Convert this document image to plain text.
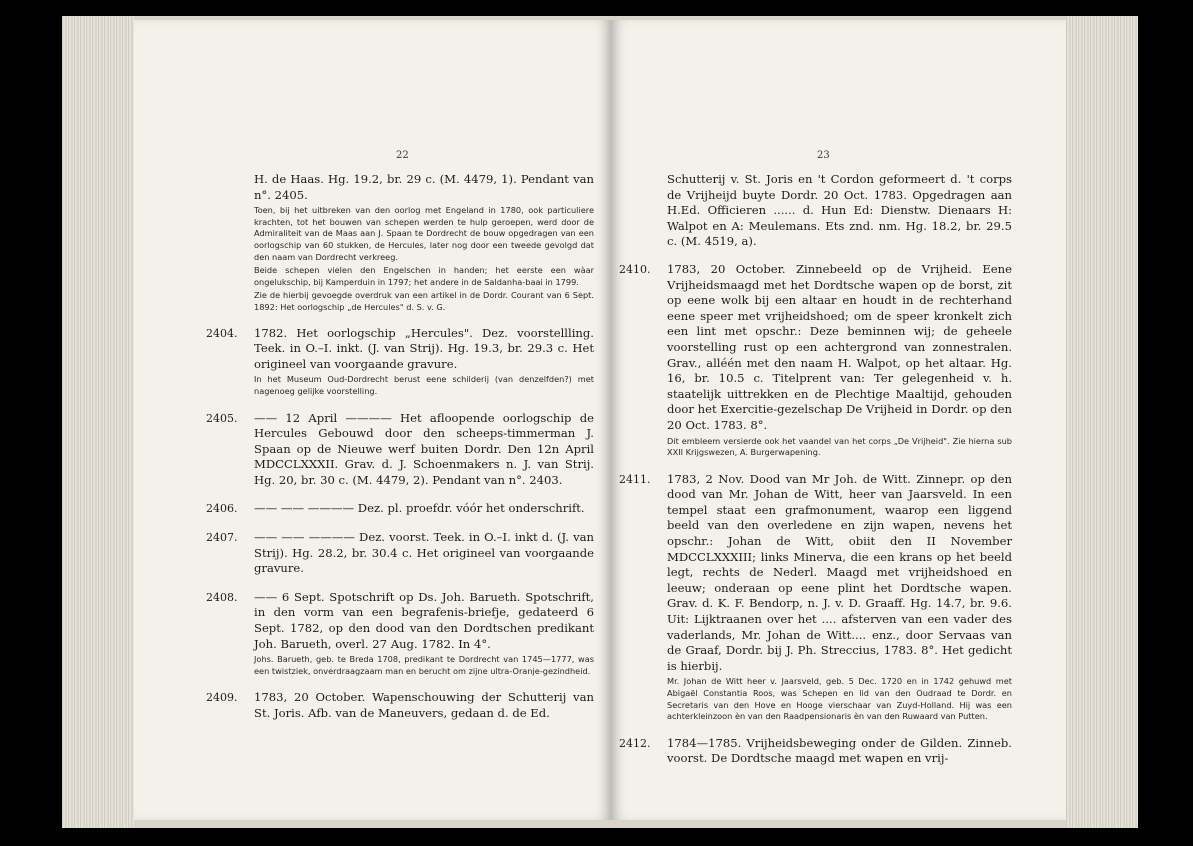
22

H. de Haas. Hg. 19.2, br. 29 c. (M. 4479, 1). Pendant van n°. 2405.

Toen, bij het uitbreken van den oorlog met Engeland in 1780, ook particuliere krachten, tot het bouwen van schepen werden te hulp geroepen, werd door de Admiraliteit van de Maas aan J. Spaan te Dordrecht de bouw opgedragen van een oorlogschip van 60 stukken, de Hercules, later nog door een tweede gevolgd dat den naam van Dordrecht verkreeg.

Beide schepen vielen den Engelschen in handen; het eerste een wàar ongelukschip, bij Kamperduin in 1797; het andere in de Saldanha-baai in 1799.

Zie de hierbij gevoegde overdruk van een artikel in de Dordr. Courant van 6 Sept. 1892: Het oorlogschip „de Hercules" d. S. v. G.

2404. 1782. Het oorlogschip „Hercules". Dez. voorstellling. Teek. in O.–I. inkt. (J. van Strij). Hg. 19.3, br. 29.3 c. Het origineel van voorgaande gravure.

In het Museum Oud-Dordrecht berust eene schilderij (van denzelfden?) met nagenoeg gelijke voorstelling.

2405. —— 12 April ———— Het afloopende oorlogschip de Hercules Gebouwd door den scheeps-timmerman J. Spaan op de Nieuwe werf buiten Dordr. Den 12n April MDCCLXXXII. Grav. d. J. Schoenmakers n. J. van Strij. Hg. 20, br. 30 c. (M. 4479, 2). Pendant van n°. 2403.

2406. —— —— ———— Dez. pl. proefdr. vóór het onderschrift.

2407. —— —— ———— Dez. voorst. Teek. in O.–I. inkt d. (J. van Strij). Hg. 28.2, br. 30.4 c. Het origineel van voorgaande gravure.

2408. —— 6 Sept. Spotschrift op Ds. Joh. Barueth. Spotschrift, in den vorm van een begrafenis-briefje, gedateerd 6 Sept. 1782, op den dood van den Dordtschen predikant Joh. Barueth, overl. 27 Aug. 1782. In 4°.

Johs. Barueth, geb. te Breda 1708, predikant te Dordrecht van 1745—1777, was een twistziek, onverdraagzaam man en berucht om zijne ultra-Oranje-gezindheid.

2409. 1783, 20 October. Wapenschouwing der Schutterij van St. Joris. Afb. van de Maneuvers, gedaan d. de Ed.

23

Schutterij v. St. Joris en 't Cordon geformeert d. 't corps de Vrijheijd buyte Dordr. 20 Oct. 1783. Opgedragen aan H.Ed. Officieren ...... d. Hun Ed: Dienstw. Dienaars H: Walpot en A: Meulemans. Ets znd. nm. Hg. 18.2, br. 29.5 c. (M. 4519, a).

2410. 1783, 20 October. Zinnebeeld op de Vrijheid. Eene Vrijheidsmaagd met het Dordtsche wapen op de borst, zit op eene wolk bij een altaar en houdt in de rechterhand eene speer met vrijheidshoed; om de speer kronkelt zich een lint met opschr.: Deze beminnen wij; de geheele voorstelling rust op een achtergrond van zonnestralen. Grav., alléén met den naam H. Walpot, op het altaar. Hg. 16, br. 10.5 c. Titelprent van: Ter gelegenheid v. h. staatelijk uittrekken en de Plechtige Maaltijd, gehouden door het Exercitie-gezelschap De Vrijheid in Dordr. op den 20 Oct. 1783. 8°.

Dit embleem versierde ook het vaandel van het corps „De Vrijheid". Zie hierna sub XXII Krijgswezen, A. Burgerwapening.

2411. 1783, 2 Nov. Dood van Mr Joh. de Witt. Zinnepr. op den dood van Mr. Johan de Witt, heer van Jaarsveld. In een tempel staat een grafmonument, waarop een liggend beeld van den overledene en zijn wapen, nevens het opschr.: Johan de Witt, obiit den II November MDCCLXXXIII; links Minerva, die een krans op het beeld legt, rechts de Nederl. Maagd met vrijheidshoed en leeuw; onderaan op eene plint het Dordtsche wapen. Grav. d. K. F. Bendorp, n. J. v. D. Graaff. Hg. 14.7, br. 9.6. Uit: Lijktraanen over het .... afsterven van een vader des vaderlands, Mr. Johan de Witt.... enz., door Servaas van de Graaf, Dordr. bij J. Ph. Streccius, 1783. 8°. Het gedicht is hierbij.

Mr. Johan de Witt heer v. Jaarsveld, geb. 5 Dec. 1720 en in 1742 gehuwd met Abigaël Constantia Roos, was Schepen en lid van den Oudraad te Dordr. en Secretaris van den Hove en Hooge vierschaar van Zuyd-Holland. Hij was een achterkleinzoon èn van den Raadpensionaris èn van den Ruwaard van Putten.

2412. 1784—1785. Vrijheidsbeweging onder de Gilden. Zinneb. voorst. De Dordtsche maagd met wapen en vrij-
